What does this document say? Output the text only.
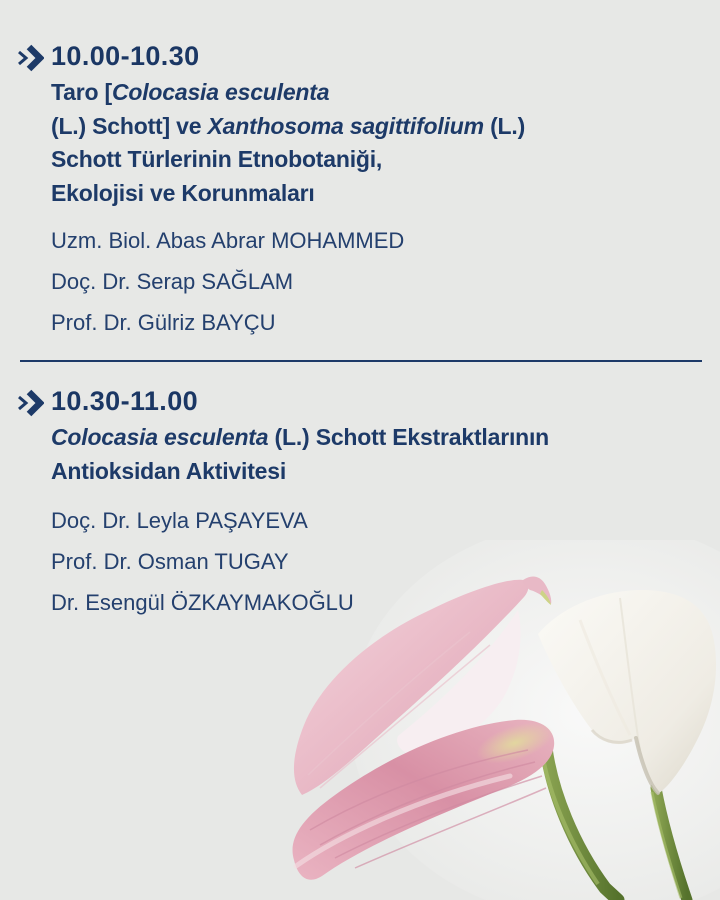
10.00-10.30
Taro [Colocasia esculenta
(L.) Schott] ve Xanthosoma sagittifolium (L.)
Schott Türlerinin Etnobotaniği,
Ekolojisi ve Korunmaları
Uzm. Biol. Abas Abrar MOHAMMED
Doç. Dr. Serap SAĞLAM
Prof. Dr. Gülriz BAYÇU
10.30-11.00
Colocasia esculenta (L.) Schott Ekstraktlarının
Antioksidan Aktivitesi
Doç. Dr. Leyla PAŞAYEVA
Prof. Dr. Osman TUGAY
Dr. Esengül ÖZKAYMAKOĞLU
